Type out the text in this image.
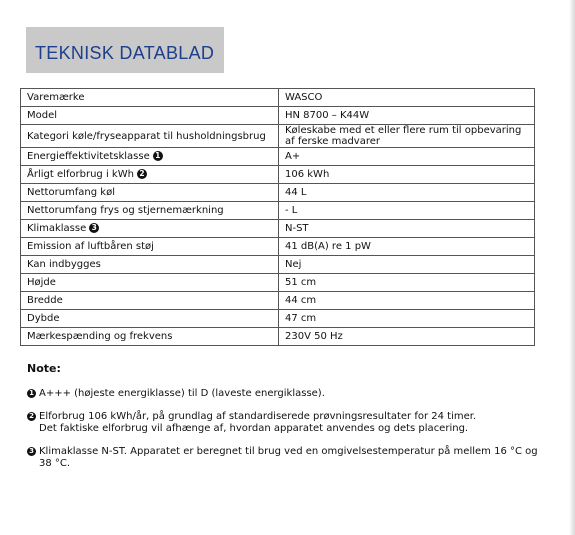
TEKNISK DATABLAD
Varemærke	WASCO
Model	HN 8700 – K44W
Kategori køle/fryseapparat til husholdningsbrug	Køleskabe med et eller flere rum til opbevaring af ferske madvarer
Energieffektivitetsklasse 1	A+
Årligt elforbrug i kWh 2	106 kWh
Nettorumfang køl	44 L
Nettorumfang frys og stjernemærkning	- L
Klimaklasse 3	N-ST
Emission af luftbåren støj	41 dB(A) re 1 pW
Kan indbygges	Nej
Højde	51 cm
Bredde	44 cm
Dybde	47 cm
Mærkespænding og frekvens	230V 50 Hz
Note:
1 A+++ (højeste energiklasse) til D (laveste energiklasse).
2 Elforbrug 106 kWh/år, på grundlag af standardiserede prøvningsresultater for 24 timer.
Det faktiske elforbrug vil afhænge af, hvordan apparatet anvendes og dets placering.
3 Klimaklasse N-ST. Apparatet er beregnet til brug ved en omgivelsestemperatur på mellem 16 °C og
38 °C.
